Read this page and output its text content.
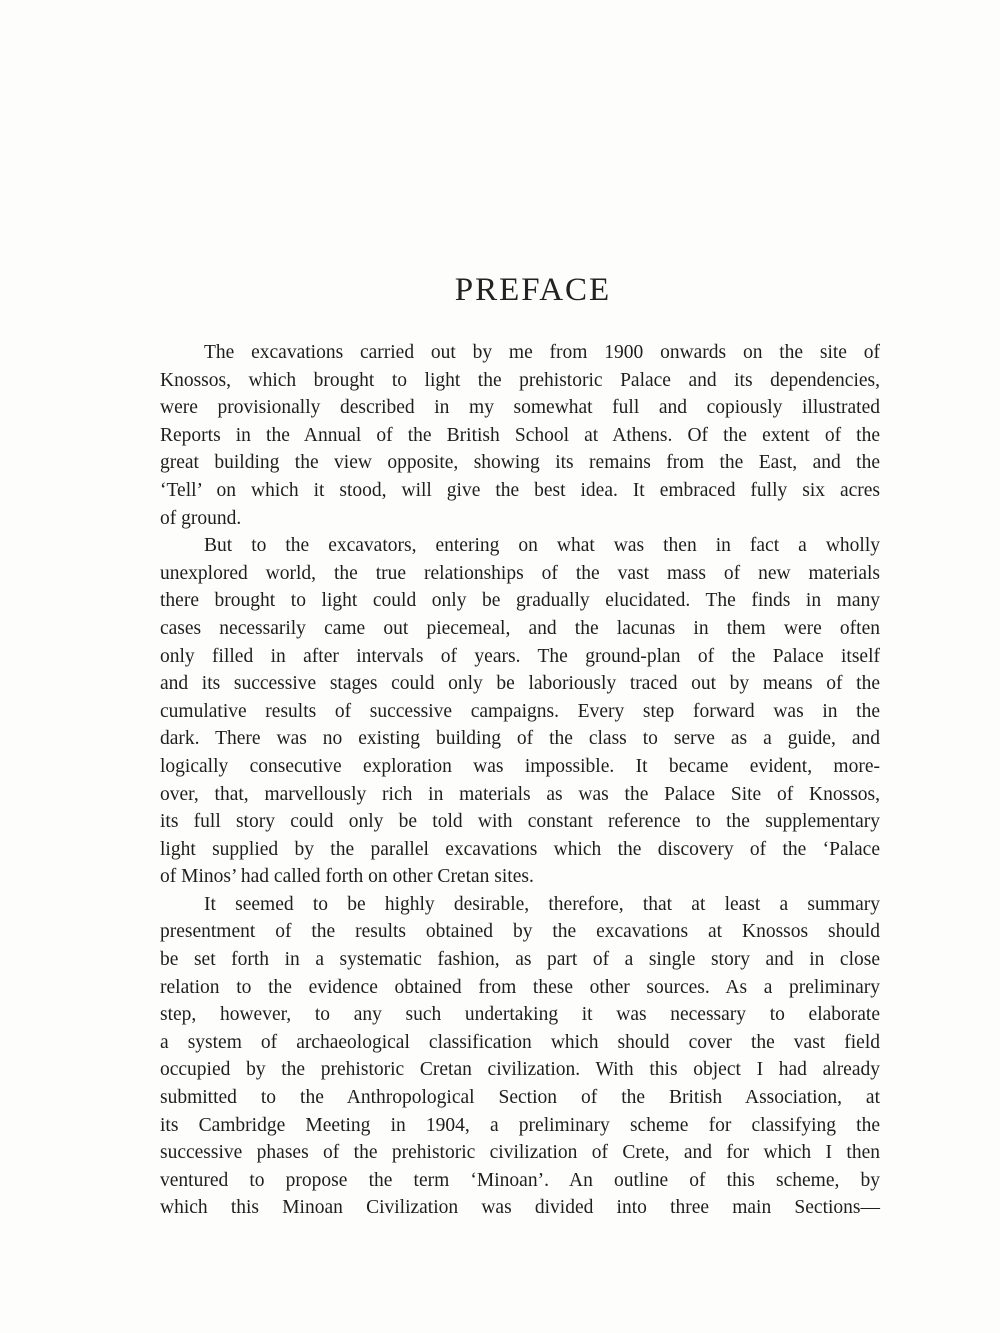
PREFACE
The excavations carried out by me from 1900 onwards on the site of
Knossos, which brought to light the prehistoric Palace and its dependencies,
were provisionally described in my somewhat full and copiously illustrated
Reports in the Annual of the British School at Athens. Of the extent of the
great building the view opposite, showing its remains from the East, and the
‘Tell’ on which it stood, will give the best idea. It embraced fully six acres
of ground.
But to the excavators, entering on what was then in fact a wholly
unexplored world, the true relationships of the vast mass of new materials
there brought to light could only be gradually elucidated. The finds in many
cases necessarily came out piecemeal, and the lacunas in them were often
only filled in after intervals of years. The ground-plan of the Palace itself
and its successive stages could only be laboriously traced out by means of the
cumulative results of successive campaigns. Every step forward was in the
dark. There was no existing building of the class to serve as a guide, and
logically consecutive exploration was impossible. It became evident, more-
over, that, marvellously rich in materials as was the Palace Site of Knossos,
its full story could only be told with constant reference to the supplementary
light supplied by the parallel excavations which the discovery of the ‘Palace
of Minos’ had called forth on other Cretan sites.
It seemed to be highly desirable, therefore, that at least a summary
presentment of the results obtained by the excavations at Knossos should
be set forth in a systematic fashion, as part of a single story and in close
relation to the evidence obtained from these other sources. As a preliminary
step, however, to any such undertaking it was necessary to elaborate
a system of archaeological classification which should cover the vast field
occupied by the prehistoric Cretan civilization. With this object I had already
submitted to the Anthropological Section of the British Association, at
its Cambridge Meeting in 1904, a preliminary scheme for classifying the
successive phases of the prehistoric civilization of Crete, and for which I then
ventured to propose the term ‘Minoan’. An outline of this scheme, by
which this Minoan Civilization was divided into three main Sections—
